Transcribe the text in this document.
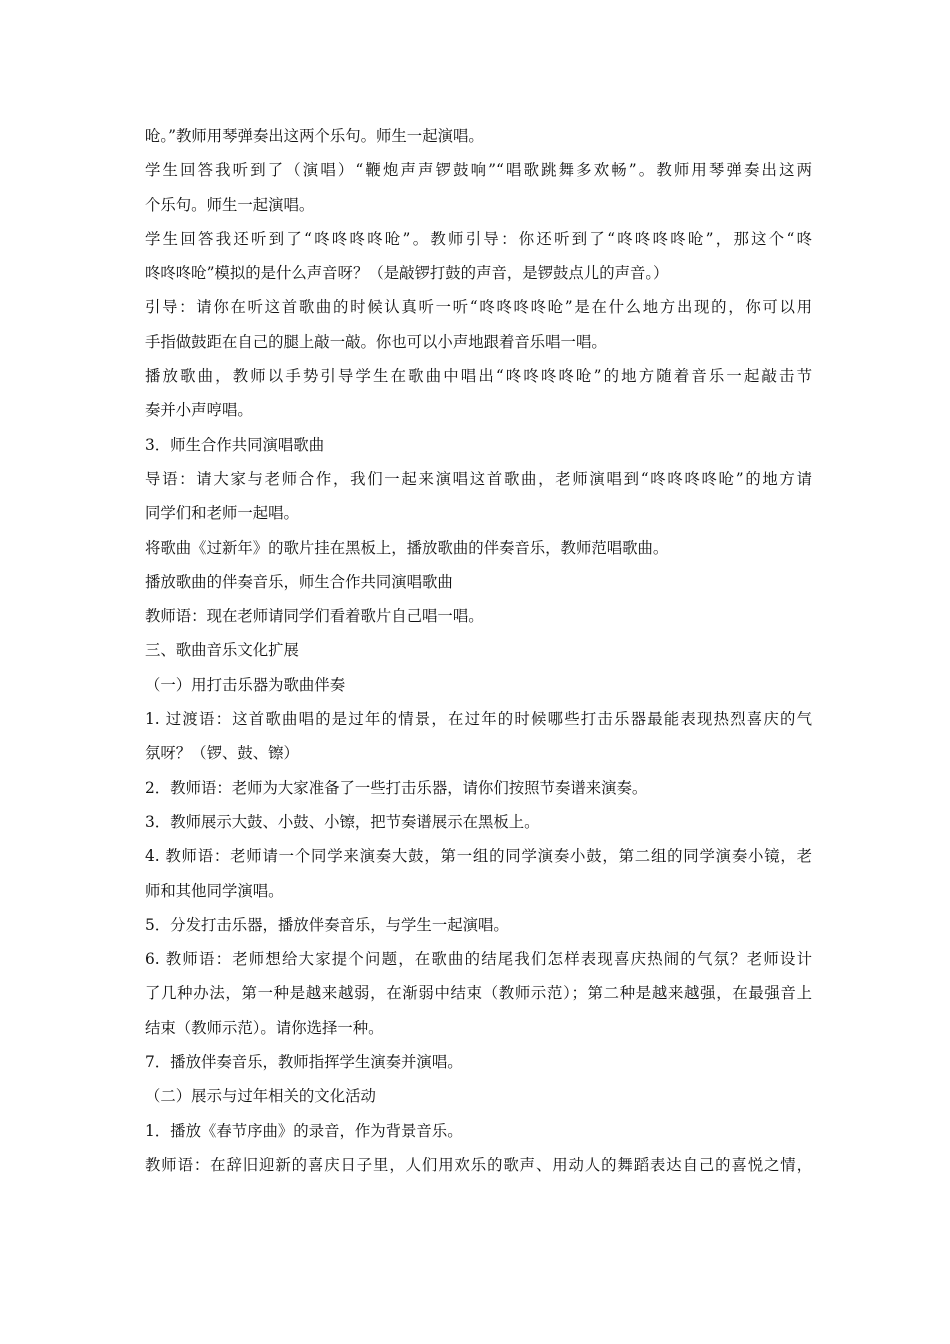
呛。”教师用琴弹奏出这两个乐句。师生一起演唱。
学生回答我听到了（演唱）“鞭炮声声锣鼓响”“唱歌跳舞多欢畅”。教师用琴弹奏出这两
个乐句。师生一起演唱。
学生回答我还听到了“咚咚咚咚呛”。教师引导：你还听到了“咚咚咚咚呛”，那这个“咚
咚咚咚呛”模拟的是什么声音呀？（是敲锣打鼓的声音，是锣鼓点儿的声音。）
引导：请你在听这首歌曲的时候认真听一听“咚咚咚咚呛”是在什么地方出现的，你可以用
手指做鼓距在自己的腿上敲一敲。你也可以小声地跟着音乐唱一唱。
播放歌曲，教师以手势引导学生在歌曲中唱出“咚咚咚咚呛”的地方随着音乐一起敲击节
奏并小声哼唱。
3．师生合作共同演唱歌曲
导语：请大家与老师合作，我们一起来演唱这首歌曲，老师演唱到“咚咚咚咚呛”的地方请
同学们和老师一起唱。
将歌曲《过新年》的歌片挂在黑板上，播放歌曲的伴奏音乐，教师范唱歌曲。
播放歌曲的伴奏音乐，师生合作共同演唱歌曲
教师语：现在老师请同学们看着歌片自己唱一唱。
三、歌曲音乐文化扩展
（一）用打击乐器为歌曲伴奏
1. 过渡语：这首歌曲唱的是过年的情景，在过年的时候哪些打击乐器最能表现热烈喜庆的气
氛呀？（锣、鼓、镲）
2．教师语：老师为大家准备了一些打击乐器，请你们按照节奏谱来演奏。
3．教师展示大鼓、小鼓、小镲，把节奏谱展示在黑板上。
4. 教师语：老师请一个同学来演奏大鼓，第一组的同学演奏小鼓，第二组的同学演奏小镜，老
师和其他同学演唱。
5．分发打击乐器，播放伴奏音乐，与学生一起演唱。
6. 教师语：老师想给大家提个问题，在歌曲的结尾我们怎样表现喜庆热闹的气氛？老师设计
了几种办法，第一种是越来越弱，在渐弱中结束（教师示范）；第二种是越来越强，在最强音上
结束（教师示范）。请你选择一种。
7．播放伴奏音乐，教师指挥学生演奏并演唱。
（二）展示与过年相关的文化活动
1．播放《春节序曲》的录音，作为背景音乐。
教师语：在辞旧迎新的喜庆日子里，人们用欢乐的歌声、用动人的舞蹈表达自己的喜悦之情，
